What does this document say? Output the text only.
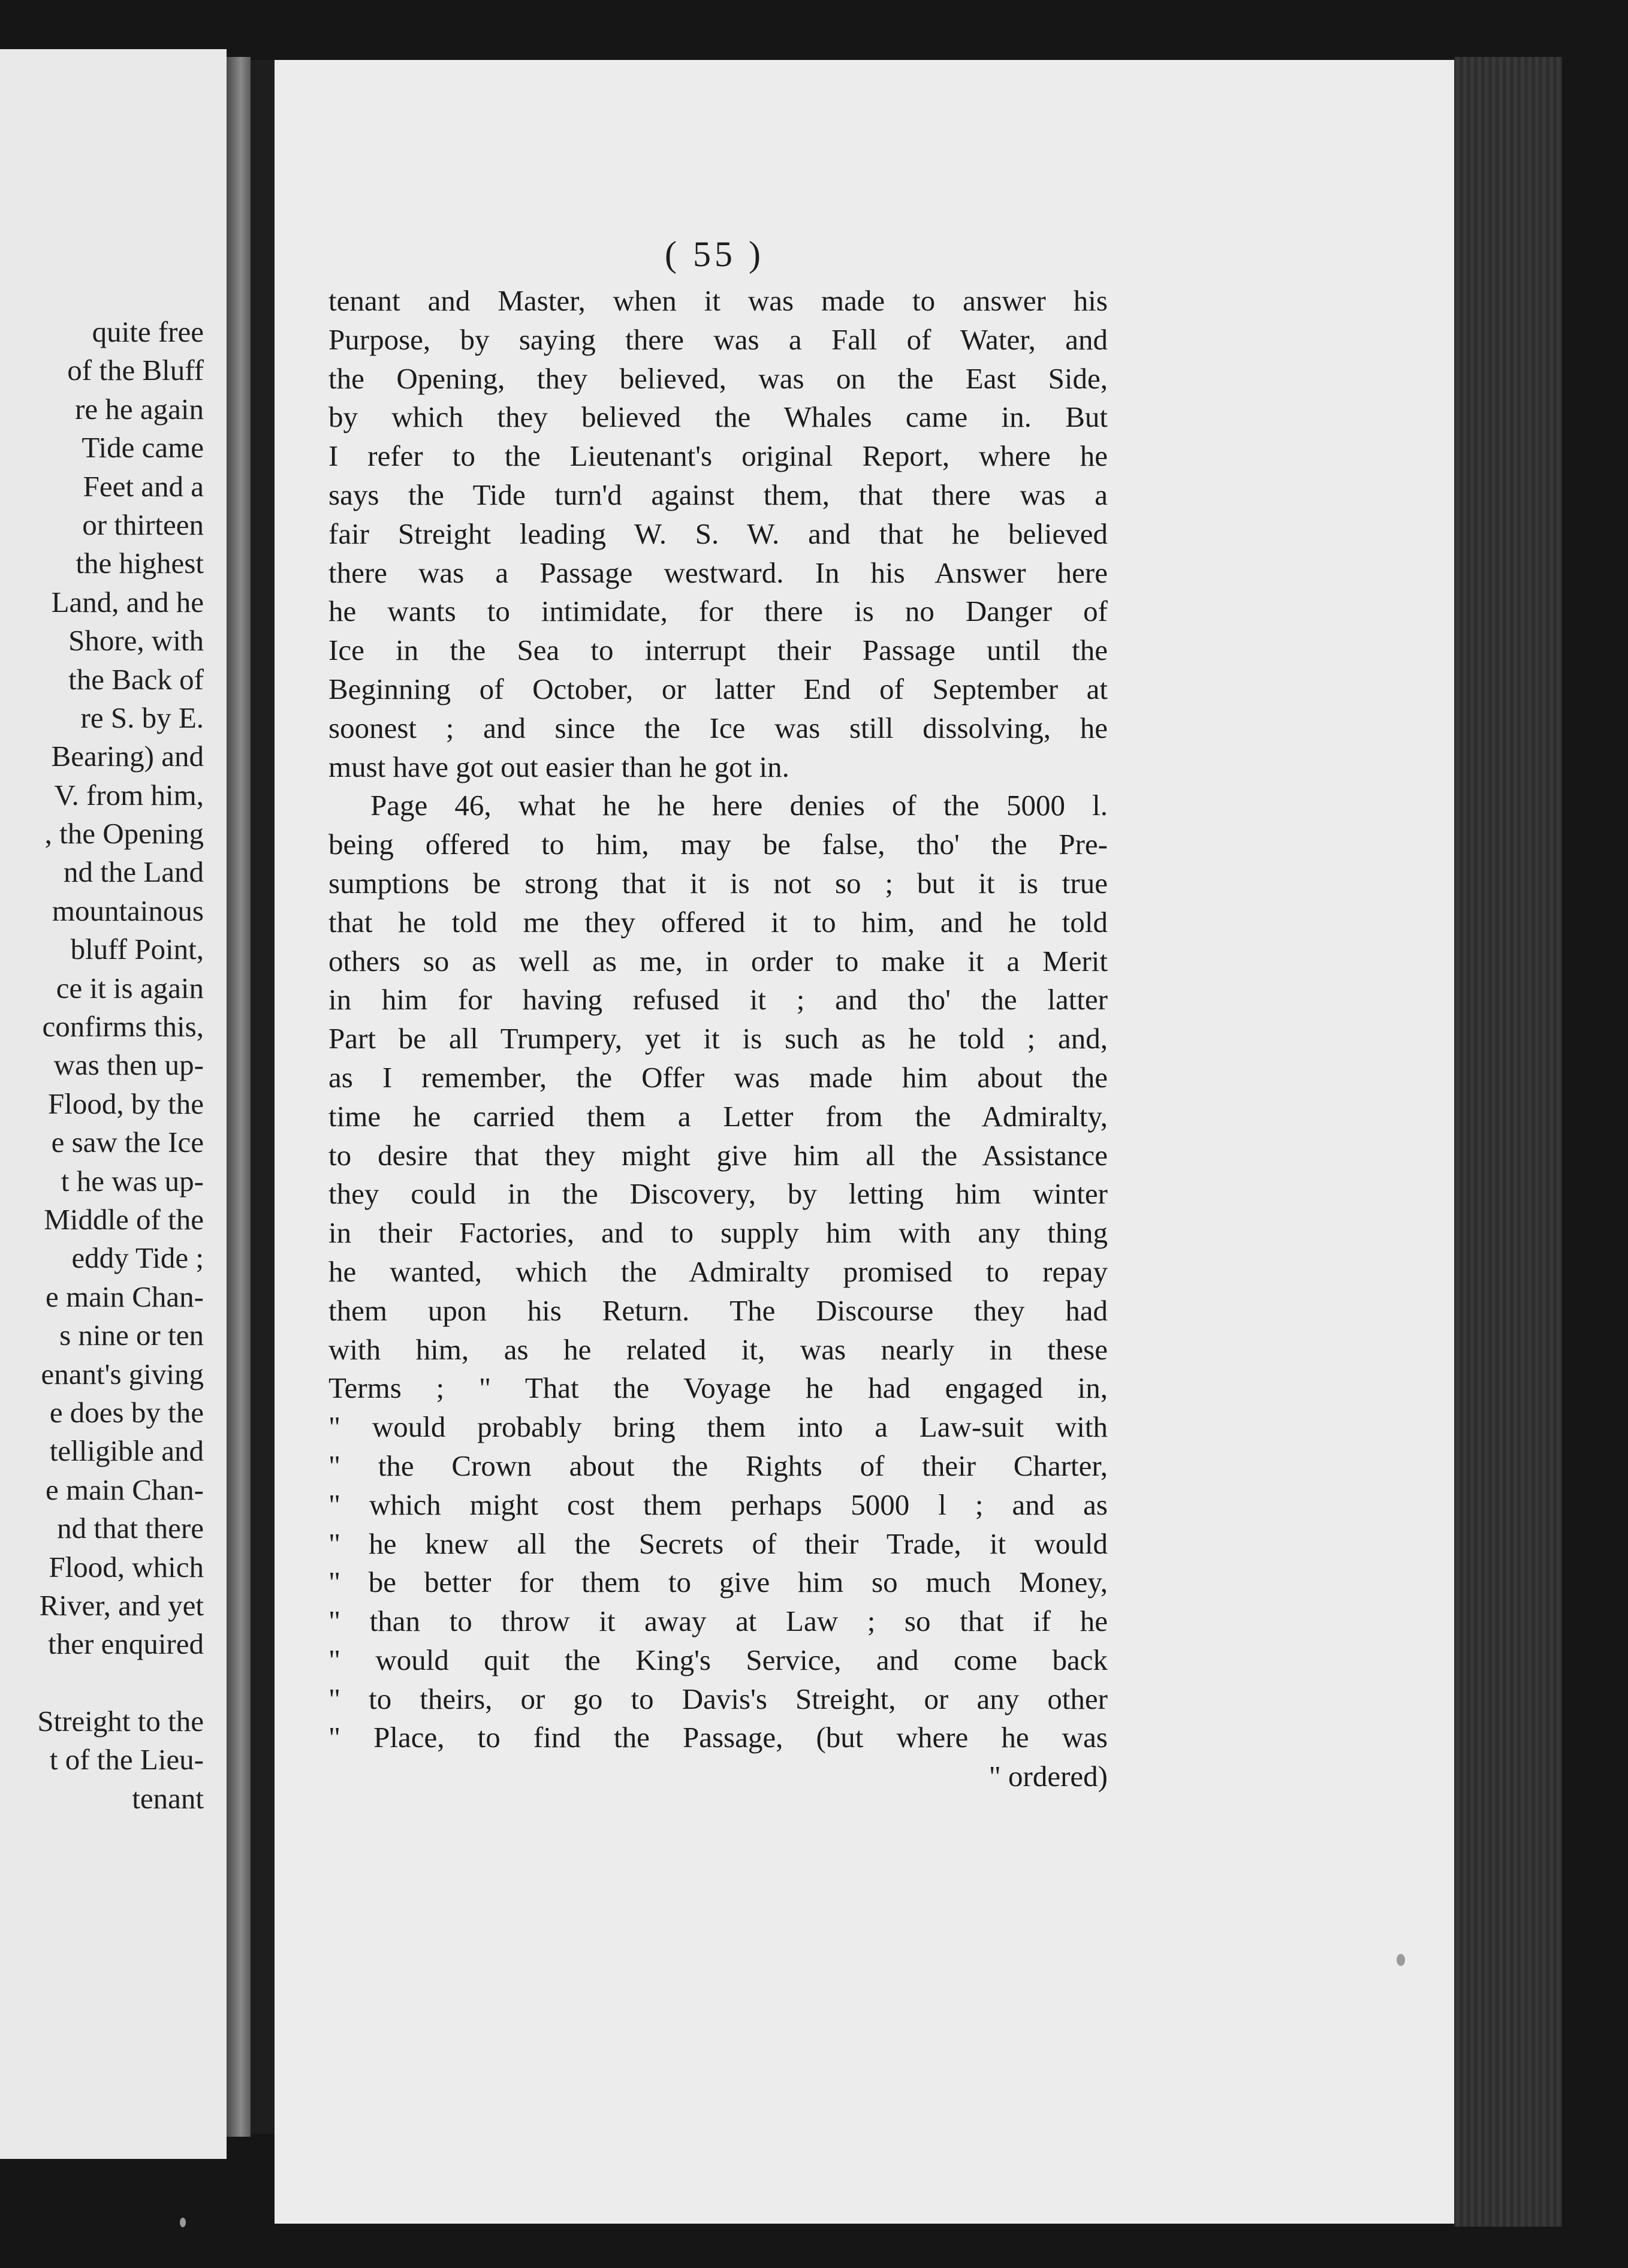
quite free
of the Bluff
re he again
Tide came
Feet and a
or thirteen
the highest
Land, and he
Shore, with
the Back of
re S. by E.
Bearing) and
V. from him,
, the Opening
nd the Land
mountainous
bluff Point,
ce it is again
confirms this,
was then up-
Flood, by the
e saw the Ice
t he was up-
Middle of the
eddy Tide ;
e main Chan-
s nine or ten
enant's giving
e does by the
telligible and
e main Chan-
nd that there
Flood, which
River, and yet
ther enquired
Streight to the
t of the Lieu-
tenant
( 55 )
tenant and Master, when it was made to answer his
Purpose, by saying there was a Fall of Water, and
the Opening, they believed, was on the East Side,
by which they believed the Whales came in. But
I refer to the Lieutenant's original Report, where he
says the Tide turn'd against them, that there was a
fair Streight leading W. S. W. and that he believed
there was a Passage westward. In his Answer here
he wants to intimidate, for there is no Danger of
Ice in the Sea to interrupt their Passage until the
Beginning of October, or latter End of September at
soonest ; and since the Ice was still dissolving, he
must have got out easier than he got in.
Page 46, what he he here denies of the 5000 l.
being offered to him, may be false, tho' the Pre-
sumptions be strong that it is not so ; but it is true
that he told me they offered it to him, and he told
others so as well as me, in order to make it a Merit
in him for having refused it ; and tho' the latter
Part be all Trumpery, yet it is such as he told ; and,
as I remember, the Offer was made him about the
time he carried them a Letter from the Admiralty,
to desire that they might give him all the Assistance
they could in the Discovery, by letting him winter
in their Factories, and to supply him with any thing
he wanted, which the Admiralty promised to repay
them upon his Return. The Discourse they had
with him, as he related it, was nearly in these
Terms ; " That the Voyage he had engaged in,
" would probably bring them into a Law-suit with
" the Crown about the Rights of their Charter,
" which might cost them perhaps 5000 l ; and as
" he knew all the Secrets of their Trade, it would
" be better for them to give him so much Money,
" than to throw it away at Law ; so that if he
" would quit the King's Service, and come back
" to theirs, or go to Davis's Streight, or any other
" Place, to find the Passage, (but where he was
" ordered)
